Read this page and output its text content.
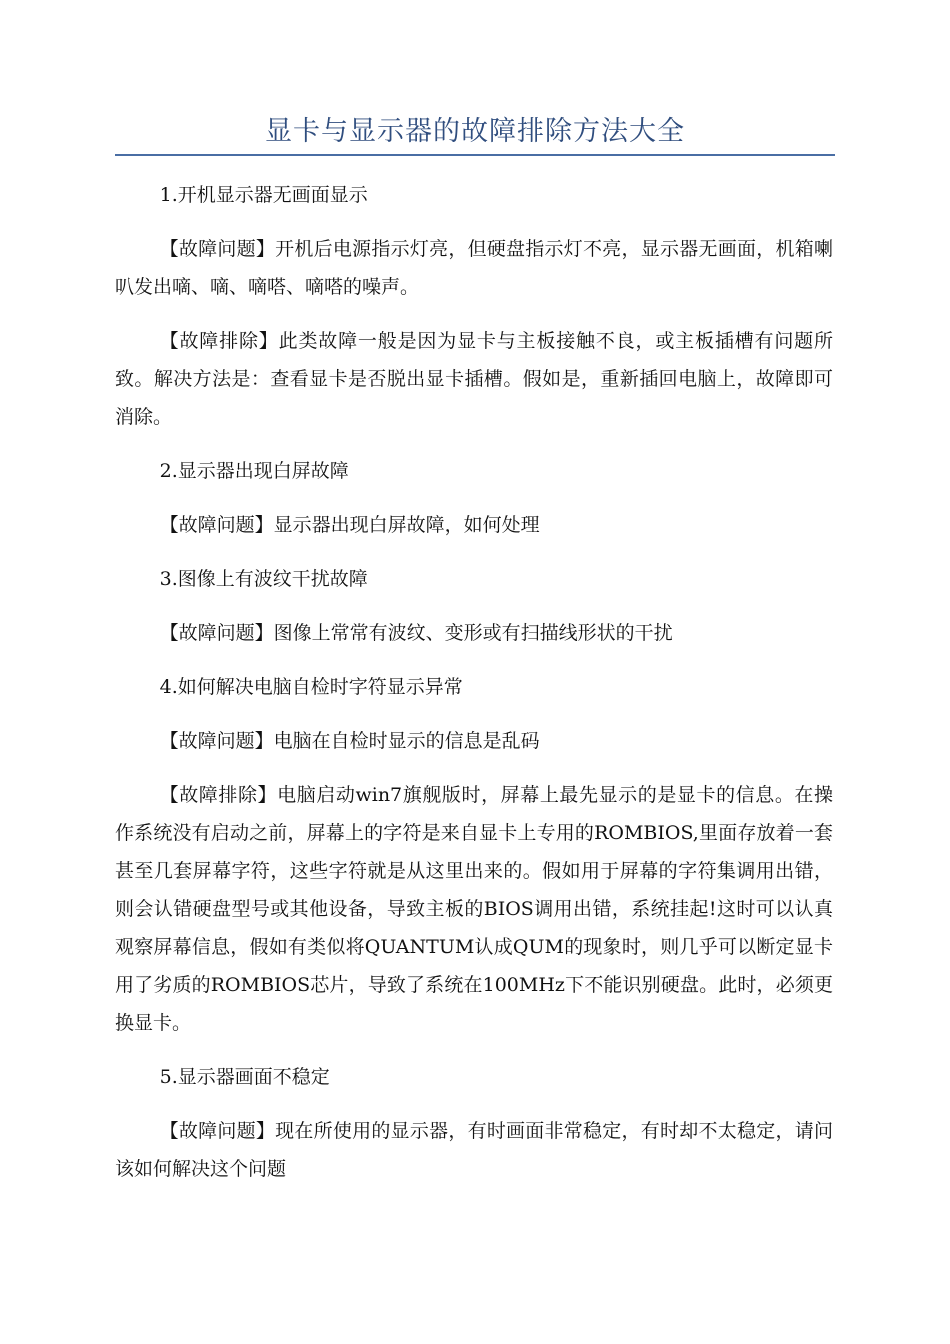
显卡与显示器的故障排除方法大全

1.开机显示器无画面显示

【故障问题】开机后电源指示灯亮，但硬盘指示灯不亮，显示器无画面，机箱喇叭发出嘀、嘀、嘀嗒、嘀嗒的噪声。

【故障排除】此类故障一般是因为显卡与主板接触不良，或主板插槽有问题所致。解决方法是：查看显卡是否脱出显卡插槽。假如是，重新插回电脑上，故障即可消除。

2.显示器出现白屏故障

【故障问题】显示器出现白屏故障，如何处理

3.图像上有波纹干扰故障

【故障问题】图像上常常有波纹、变形或有扫描线形状的干扰

4.如何解决电脑自检时字符显示异常

【故障问题】电脑在自检时显示的信息是乱码

【故障排除】电脑启动win7旗舰版时，屏幕上最先显示的是显卡的信息。在操作系统没有启动之前，屏幕上的字符是来自显卡上专用的ROMBIOS,里面存放着一套甚至几套屏幕字符，这些字符就是从这里出来的。假如用于屏幕的字符集调用出错，则会认错硬盘型号或其他设备，导致主板的BIOS调用出错，系统挂起!这时可以认真观察屏幕信息，假如有类似将QUANTUM认成QUM的现象时，则几乎可以断定显卡用了劣质的ROMBIOS芯片，导致了系统在100MHz下不能识别硬盘。此时，必须更换显卡。

5.显示器画面不稳定

【故障问题】现在所使用的显示器，有时画面非常稳定，有时却不太稳定，请问该如何解决这个问题
